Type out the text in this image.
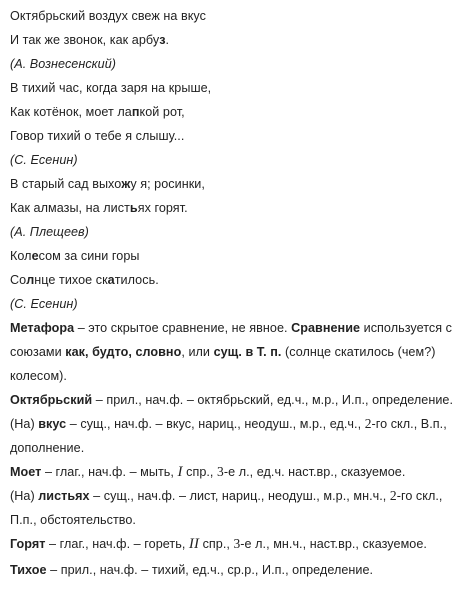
Октябрьский воздух свеж на вкус
И так же звонок, как арбуз.
(А. Вознесенский)
В тихий час, когда заря на крыше,
Как котёнок, моет лапкой рот,
Говор тихий о тебе я слышу...
(С. Есенин)
В старый сад выхожу я; росинки,
Как алмазы, на листьях горят.
(А. Плещеев)
Колесом за сини горы
Солнце тихое скатилось.
(С. Есенин)
Метафора – это скрытое сравнение, не явное. Сравнение используется с
союзами как, будто, словно, или сущ. в Т. п. (солнце скатилось (чем?)
колесом).
Октябрьский – прил., нач.ф. – октябрьский, ед.ч., м.р., И.п., определение.
(На) вкус – сущ., нач.ф. – вкус, нариц., неодуш., м.р., ед.ч., 2-го скл., В.п.,
дополнение.
Моет – глаг., нач.ф. – мыть, I спр., 3-е л., ед.ч. наст.вр., сказуемое.
(На) листьях – сущ., нач.ф. – лист, нариц., неодуш., м.р., мн.ч., 2-го скл.,
П.п., обстоятельство.
Горят – глаг., нач.ф. – гореть, II спр., 3-е л., мн.ч., наст.вр., сказуемое.
Тихое – прил., нач.ф. – тихий, ед.ч., ср.р., И.п., определение.
